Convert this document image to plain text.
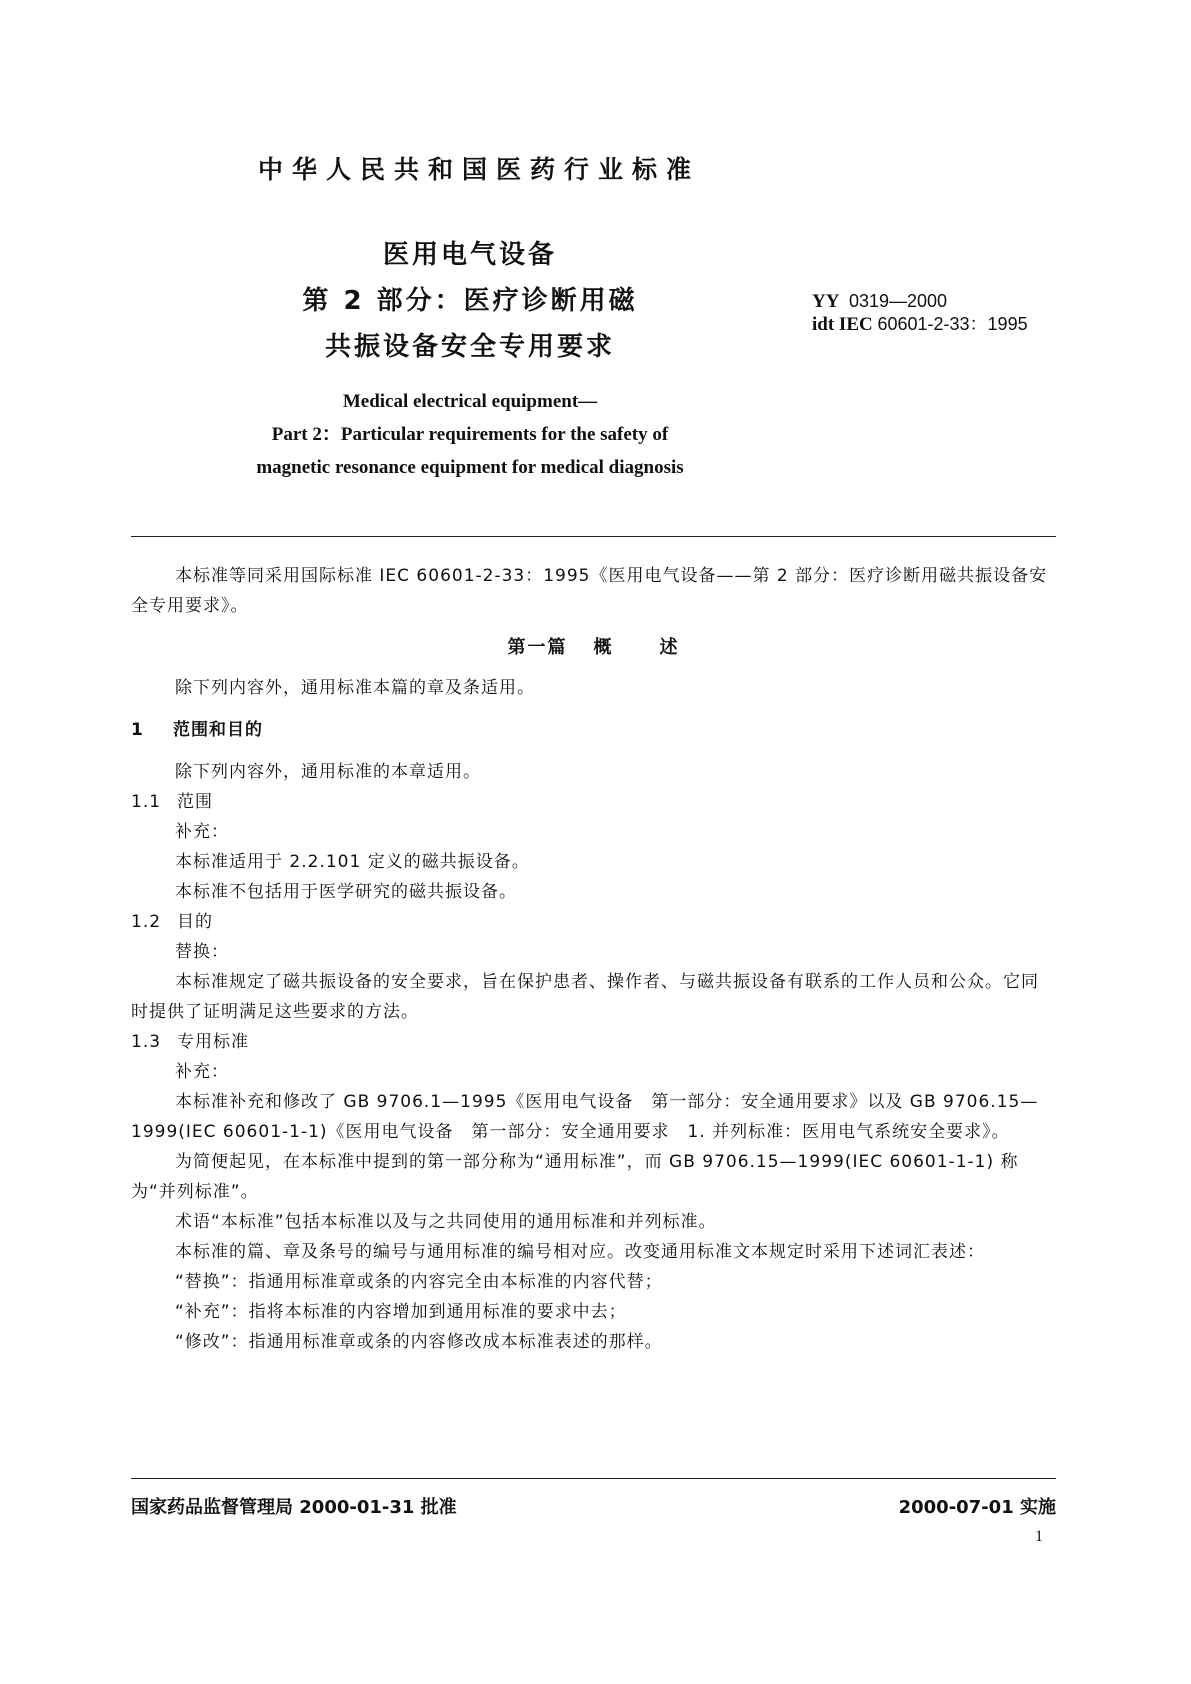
中华人民共和国医药行业标准
医用电气设备
第 2 部分：医疗诊断用磁
共振设备安全专用要求
YY 0319—2000
idt IEC 60601-2-33：1995
Medical electrical equipment—
Part 2：Particular requirements for the safety of
magnetic resonance equipment for medical diagnosis
本标准等同采用国际标准 IEC 60601-2-33：1995《医用电气设备——第 2 部分：医疗诊断用磁共振设备安全专用要求》。
第一篇 概述
除下列内容外，通用标准本篇的章及条适用。
1 范围和目的
除下列内容外，通用标准的本章适用。
1.1 范围
补充：
本标准适用于 2.2.101 定义的磁共振设备。
本标准不包括用于医学研究的磁共振设备。
1.2 目的
替换：
本标准规定了磁共振设备的安全要求，旨在保护患者、操作者、与磁共振设备有联系的工作人员和公众。它同时提供了证明满足这些要求的方法。
1.3 专用标准
补充：
本标准补充和修改了 GB 9706.1—1995《医用电气设备　第一部分：安全通用要求》以及 GB 9706.15—1999(IEC 60601-1-1)《医用电气设备　第一部分：安全通用要求　1. 并列标准：医用电气系统安全要求》。
为简便起见，在本标准中提到的第一部分称为“通用标准”，而 GB 9706.15—1999(IEC 60601-1-1) 称为“并列标准”。
术语“本标准”包括本标准以及与之共同使用的通用标准和并列标准。
本标准的篇、章及条号的编号与通用标准的编号相对应。改变通用标准文本规定时采用下述词汇表述：
“替换”：指通用标准章或条的内容完全由本标准的内容代替；
“补充”：指将本标准的内容增加到通用标准的要求中去；
“修改”：指通用标准章或条的内容修改成本标准表述的那样。
国家药品监督管理局 2000-01-31 批准	2000-07-01 实施
1
